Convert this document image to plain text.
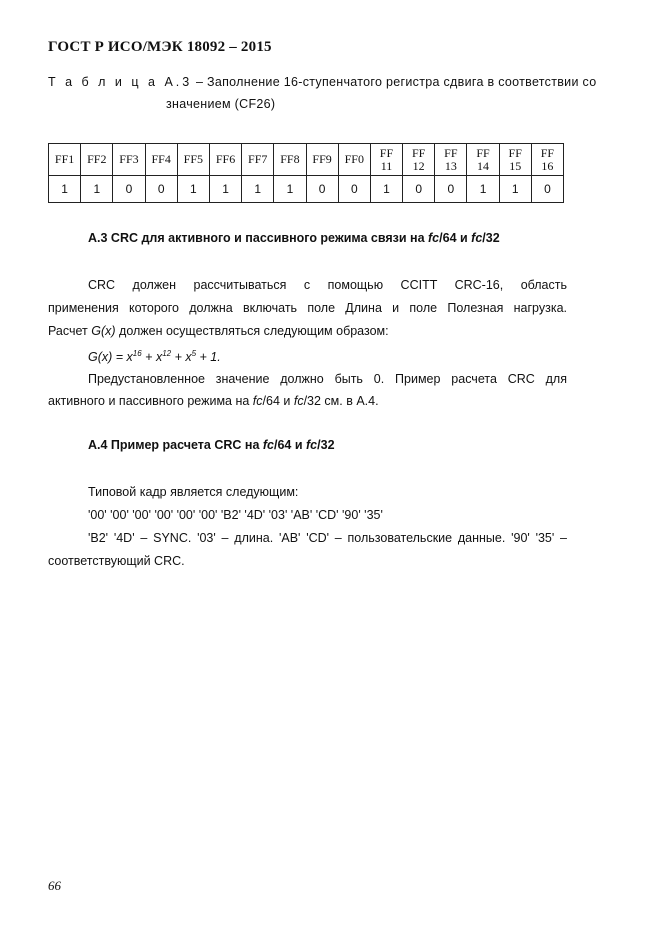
ГОСТ Р ИСО/МЭК 18092 – 2015
Т а б л и ц а А.3 – Заполнение 16-ступенчатого регистра сдвига в соответствии со
значением (CF26)
FF1	FF2	FF3	FF4	FF5	FF6	FF7	FF8	FF9	FF0	FF
11	FF
12	FF
13	FF
14	FF
15	FF
16
1	1	0	0	1	1	1	1	0	0	1	0	0	1	1	0
А.3 CRC для активного и пассивного режима связи на fc/64 и fc/32
CRC должен рассчитываться с помощью CCITT CRC-16, область
применения которого должна включать поле Длина и поле Полезная нагрузка.
Расчет G(x) должен осуществляться следующим образом:
$G(x) = x^{16} + x^{12} + x^5 + 1$.
Предустановленное значение должно быть 0. Пример расчета CRC для
активного и пассивного режима на fc/64 и fc/32 см. в А.4.
А.4 Пример расчета CRC на fc/64 и fc/32
Типовой кадр является следующим:
'00' '00' '00' '00' '00' '00' 'B2' '4D' '03' 'AB' 'CD' '90' '35'
'B2' '4D' – SYNC. '03' – длина. 'AB' 'CD' – пользовательские данные. '90' '35' –
соответствующий CRC.
66
